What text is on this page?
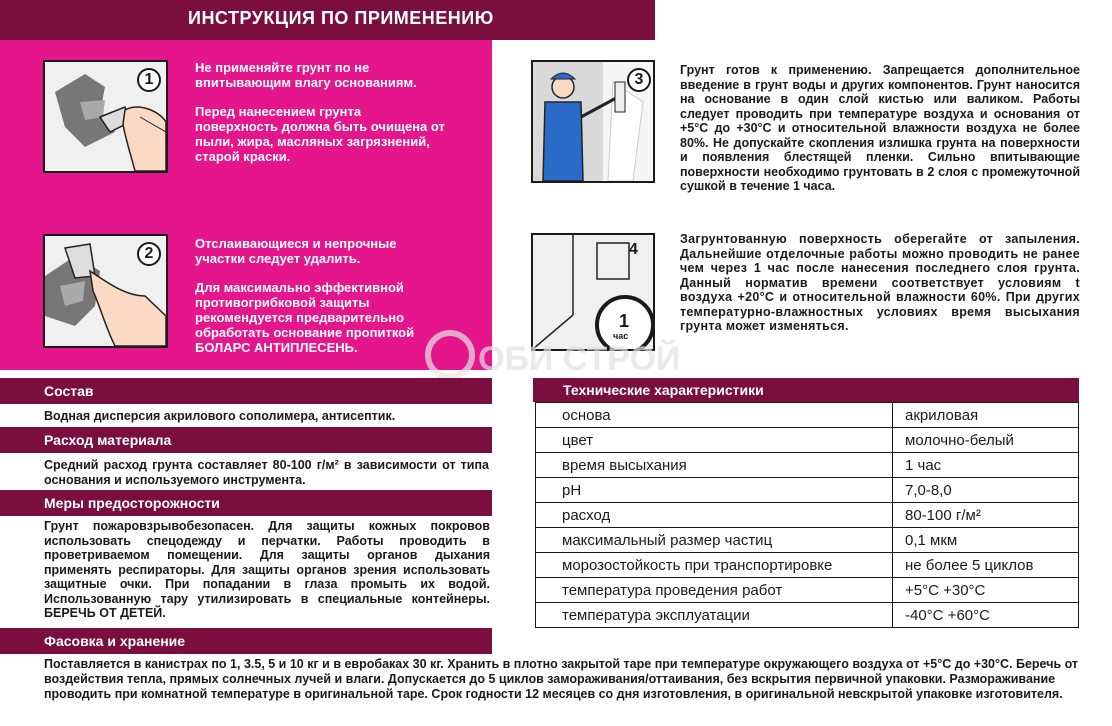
ИНСТРУКЦИЯ ПО ПРИМЕНЕНИЮ
1

Не применяйте грунт по не впитывающим влагу основаниям.

Перед нанесением грунта поверхность должна быть очищена от пыли, жира, масляных загрязнений, старой краски.

2

Отслаивающиеся и непрочные участки следует удалить.

Для максимально эффективной противогрибковой защиты рекомендуется предварительно обработать основание пропиткой БОЛАРС АНТИПЛЕСЕНЬ.

3
Грунт готов к применению. Запрещается дополнительное введение в грунт воды и других компонентов. Грунт наносится на основание в один слой кистью или валиком. Работы следует проводить при температуре воздуха и основания от +5°С до +30°С и относительной влажности воздуха не более 80%. Не допускайте скопления излишка грунта на поверхности и появления блестящей пленки. Сильно впитывающие поверхности необходимо грунтовать в 2 слоя с промежуточной сушкой в течение 1 часа.
4
1
час
Загрунтованную поверхность оберегайте от запыления. Дальнейшие отделочные работы можно проводить не ранее чем через 1 час после нанесения последнего слоя грунта. Данный норматив времени соответствует условиям t воздуха +20°С и относительной влажности 60%. При других температурно-влажностных условиях время высыхания грунта может изменяться.
ОБИ СТРОЙ
Состав
Водная дисперсия акрилового сополимера, антисептик.
Расход материала
Средний расход грунта составляет 80-100 г/м² в зависимости от типа основания и используемого инструмента.
Меры предосторожности
Грунт пожаровзрывобезопасен. Для защиты кожных покровов использовать спецодежду и перчатки. Работы проводить в проветриваемом помещении. Для защиты органов дыхания применять респираторы. Для защиты органов зрения использовать защитные очки. При попадании в глаза промыть их водой. Использованную тару утилизировать в специальные контейнеры. БЕРЕЧЬ ОТ ДЕТЕЙ.
Фасовка и хранение
Поставляется в канистрах по 1, 3.5, 5 и 10 кг и в евробаках 30 кг. Хранить в плотно закрытой таре при температуре окружающего воздуха от +5°С до +30°С. Беречь от воздействия тепла, прямых солнечных лучей и влаги. Допускается до 5 циклов замораживания/оттаивания, без вскрытия первичной упаковки. Размораживание проводить при комнатной температуре в оригинальной таре. Срок годности 12 месяцев со дня изготовления, в оригинальной невскрытой упаковке изготовителя.
Технические характеристики
основа	акриловая
цвет	молочно-белый
время высыхания	1 час
pH	7,0-8,0
расход	80-100 г/м²
максимальный размер частиц	0,1 мкм
морозостойкость при транспортировке	не более 5 циклов
температура проведения работ	+5°С +30°С
температура эксплуатации	-40°С +60°С
